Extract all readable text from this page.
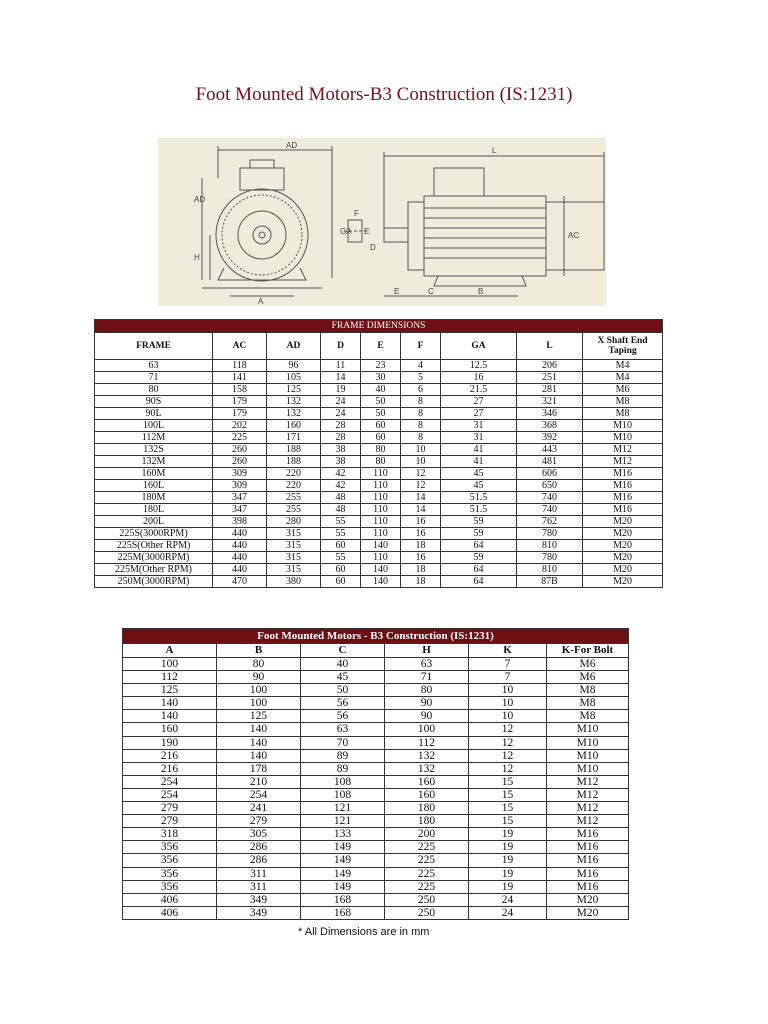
Foot Mounted Motors-B3 Construction (IS:1231)
AD
AD
H
A
GA
F
E
D
L
AC
C	B
E
FRAME DIMENSIONS								
FRAME	AC	AD	D	E	F	GA	L	X Shaft End Taping
63	118	96	11	23	4	12.5	206	M4
71	141	105	14	30	5	16	251	M4
80	158	125	19	40	6	21.5	281	M6
90S	179	132	24	50	8	27	321	M8
90L	179	132	24	50	8	27	346	M8
100L	202	160	28	60	8	31	368	M10
112M	225	171	28	60	8	31	392	M10
132S	260	188	38	80	10	41	443	M12
132M	260	188	38	80	10	41	481	M12
160M	309	220	42	110	12	45	606	M16
160L	309	220	42	110	12	45	650	M16
180M	347	255	48	110	14	51.5	740	M16
180L	347	255	48	110	14	51.5	740	M16
200L	398	280	55	110	16	59	762	M20
225S(3000RPM)	440	315	55	110	16	59	780	M20
225S(Other RPM)	440	315	60	140	18	64	810	M20
225M(3000RPM)	440	315	55	110	16	59	780	M20
225M(Other RPM)	440	315	60	140	18	64	810	M20
250M(3000RPM)	470	380	60	140	18	64	87B	M20
Foot Mounted Motors - B3 Construction (IS:1231)					
A	B	C	H	K	K-For Bolt
100	80	40	63	7	M6
112	90	45	71	7	M6
125	100	50	80	10	M8
140	100	56	90	10	M8
140	125	56	90	10	M8
160	140	63	100	12	M10
190	140	70	112	12	M10
216	140	89	132	12	M10
216	178	89	132	12	M10
254	210	108	160	15	M12
254	254	108	160	15	M12
279	241	121	180	15	M12
279	279	121	180	15	M12
318	305	133	200	19	M16
356	286	149	225	19	M16
356	286	149	225	19	M16
356	311	149	225	19	M16
356	311	149	225	19	M16
406	349	168	250	24	M20
406	349	168	250	24	M20
* All Dimensions are in mm
